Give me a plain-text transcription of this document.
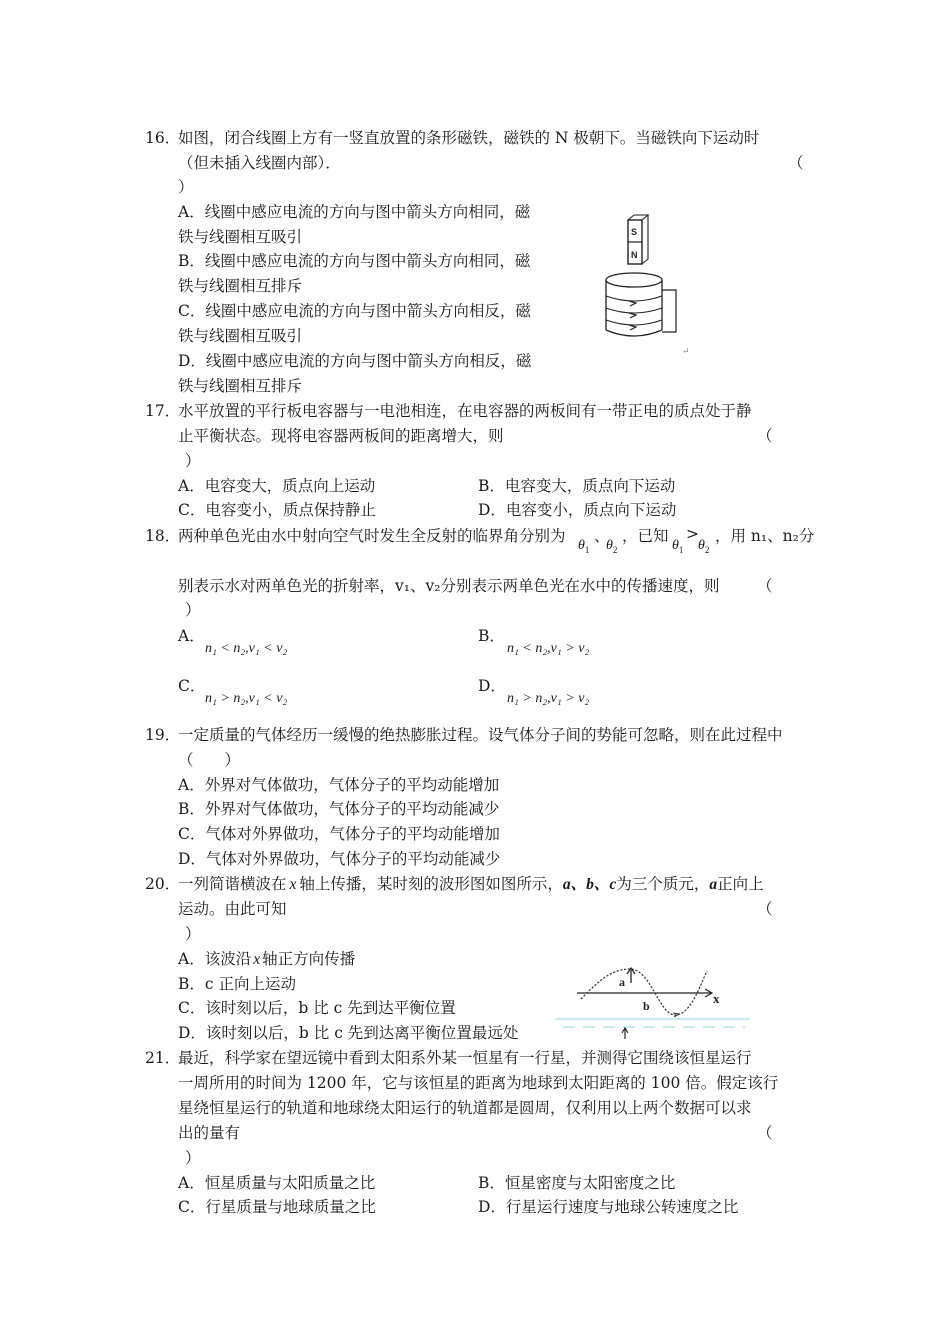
16．
如图，闭合线圈上方有一竖直放置的条形磁铁，磁铁的 N 极朝下。当磁铁向下运动时
（但未插入线圈内部）．	（
）
A．线圈中感应电流的方向与图中箭头方向相同，磁
铁与线圈相互吸引
B．线圈中感应电流的方向与图中箭头方向相同，磁
铁与线圈相互排斥
C．线圈中感应电流的方向与图中箭头方向相反，磁
铁与线圈相互吸引
D．线圈中感应电流的方向与图中箭头方向相反，磁
铁与线圈相互排斥
S
N
↵
17．
水平放置的平行板电容器与一电池相连，在电容器的两板间有一带正电的质点处于静
止平衡状态。现将电容器两板间的距离增大，则	（
）
A．电容变大，质点向上运动	B．电容变大，质点向下运动
C．电容变小，质点保持静止	D．电容变小，质点向下运动
18．
两种单色光由水中射向空气时发生全反射的临界角分别为
$\theta_1$
、
$\theta_2$
，已知
$\theta_1$
>
$\theta_2$
，用 n₁、n₂分
别表示水对两单色光的折射率，v₁、v₂分别表示两单色光在水中的传播速度，则 （
）
A．
n₁ < n₂,v₁ < v₂
B．
n₁ < n₂,v₁ > v₂
C．
n₁ > n₂,v₁ < v₂
D．
n₁ > n₂,v₁ > v₂
19．
一定质量的气体经历一缓慢的绝热膨胀过程。设气体分子间的势能可忽略，则在此过程中
（　　）
A．外界对气体做功，气体分子的平均动能增加
B．外界对气体做功，气体分子的平均动能减少
C．气体对外界做功，气体分子的平均动能增加
D．气体对外界做功，气体分子的平均动能减少
20．
一列简谐横波在 x 轴上传播，某时刻的波形图如图所示， a、b、c 为三个质元， a 正向上
运动。由此可知	（
）
A．该波沿 x 轴正方向传播
B．c 正向上运动
C．该时刻以后，b 比 c 先到达平衡位置
D．该时刻以后，b 比 c 先到达离平衡位置最远处
x
a
b
21．
最近，科学家在望远镜中看到太阳系外某一恒星有一行星，并测得它围绕该恒星运行
一周所用的时间为 1200 年，它与该恒星的距离为地球到太阳距离的 100 倍。假定该行
星绕恒星运行的轨道和地球绕太阳运行的轨道都是圆周，仅利用以上两个数据可以求
出的量有	（
）
A．恒星质量与太阳质量之比	B．恒星密度与太阳密度之比
C．行星质量与地球质量之比	D．行星运行速度与地球公转速度之比
